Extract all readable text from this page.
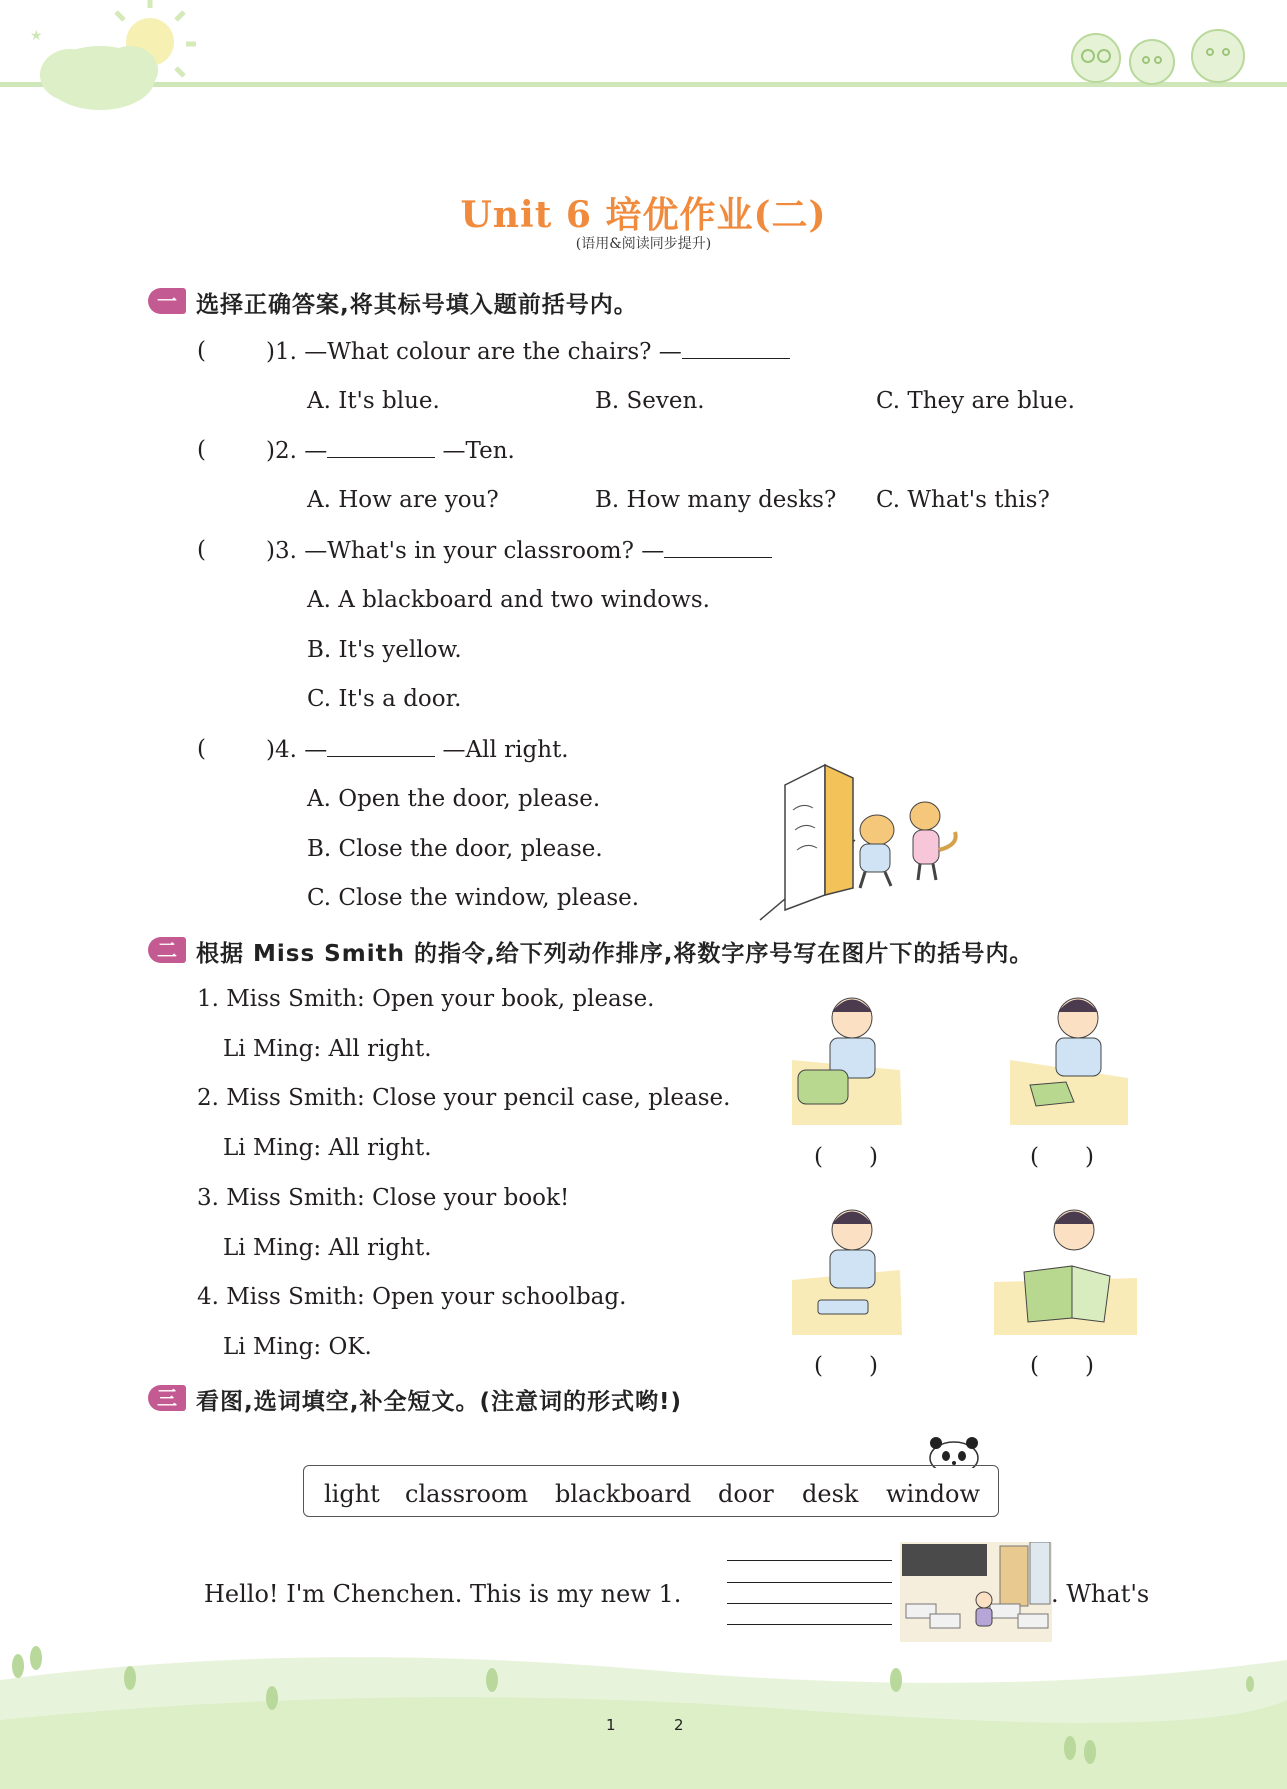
★
Unit 6 培优作业(二)
(语用&阅读同步提升)
一 选择正确答案,将其标号填入题前括号内。
(	)1. —What colour are the chairs? —
A. It's blue.	B. Seven.	C. They are blue.
(	)2. —	—Ten.
A. How are you?	B. How many desks? C. What's this?
(	)3. —What's in your classroom? —
A. A blackboard and two windows.
B. It's yellow.
C. It's a door.
(	)4. —	—All right.
A. Open the door, please.
B. Close the door, please.
C. Close the window, please.
二 根据 Miss Smith 的指令,给下列动作排序,将数字序号写在图片下的括号内。
1. Miss Smith: Open your book, please.
Li Ming: All right.
2. Miss Smith: Close your pencil case, please.
Li Ming: All right.
3. Miss Smith: Close your book!
Li Ming: All right.
4. Miss Smith: Open your schoolbag.
Li Ming: OK.
(　　)	(　　)
(　　)	(　　)
三 看图,选词填空,补全短文。(注意词的形式哟!)
light classroom blackboard door desk window
Hello! I'm Chenchen. This is my new 1.	. What's
1	2
